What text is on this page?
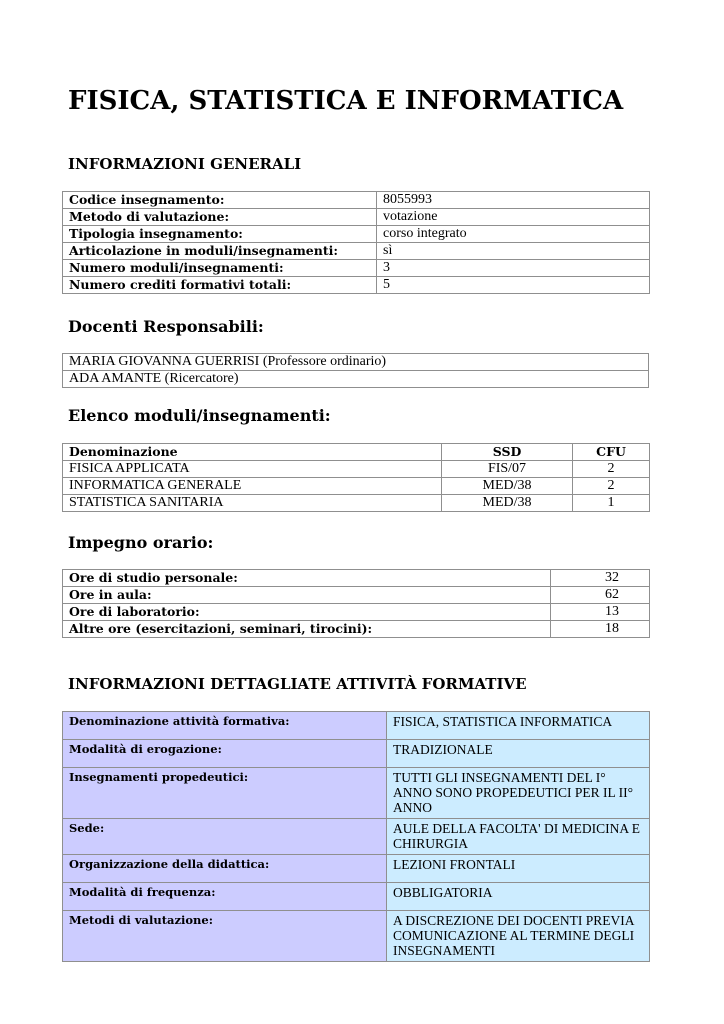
FISICA, STATISTICA E INFORMATICA
INFORMAZIONI GENERALI
Codice insegnamento:	8055993
Metodo di valutazione:	votazione
Tipologia insegnamento:	corso integrato
Articolazione in moduli/insegnamenti:	sì
Numero moduli/insegnamenti:	3
Numero crediti formativi totali:	5
Docenti Responsabili:
MARIA GIOVANNA GUERRISI (Professore ordinario)
ADA AMANTE (Ricercatore)
Elenco moduli/insegnamenti:
Denominazione	SSD	CFU
FISICA APPLICATA	FIS/07	2
INFORMATICA GENERALE	MED/38	2
STATISTICA SANITARIA	MED/38	1
Impegno orario:
Ore di studio personale:	32
Ore in aula:	62
Ore di laboratorio:	13
Altre ore (esercitazioni, seminari, tirocini):	18
INFORMAZIONI DETTAGLIATE ATTIVITÀ FORMATIVE
Denominazione attività formativa:	FISICA, STATISTICA INFORMATICA
Modalità di erogazione:	TRADIZIONALE
Insegnamenti propedeutici:	TUTTI GLI INSEGNAMENTI DEL I° ANNO SONO PROPEDEUTICI PER IL II° ANNO
Sede:	AULE DELLA FACOLTA' DI MEDICINA E CHIRURGIA
Organizzazione della didattica:	LEZIONI FRONTALI
Modalità di frequenza:	OBBLIGATORIA
Metodi di valutazione:	A DISCREZIONE DEI DOCENTI PREVIA COMUNICAZIONE AL TERMINE DEGLI INSEGNAMENTI
